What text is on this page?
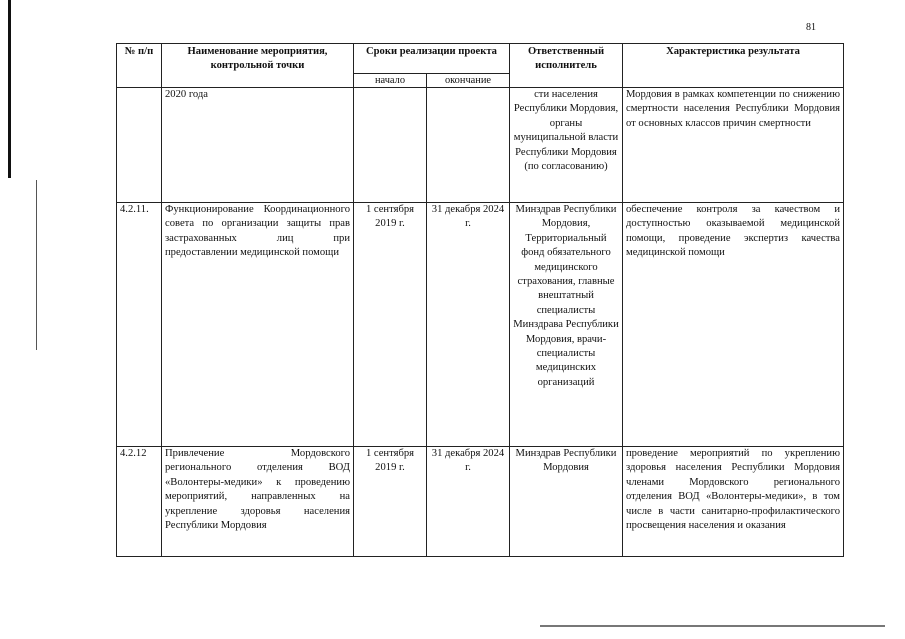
81
№ п/п	Наименование мероприятия, контрольной точки	Сроки реализации проекта		Ответственный исполнитель	Характеристика результата
		начало	окончание		
	2020 года			сти населения Республики Мордовия, органы муниципальной власти Республики Мордовия (по согласованию)	Мордовия в рамках компетенции по снижению смертности населения Республики Мордовия от основных классов причин смертности
4.2.11.	Функционирование Координационного совета по организации защиты прав застрахованных лиц при предоставлении медицинской помощи	1 сентября 2019 г.	31 декабря 2024 г.	Минздрав Республики Мордовия, Территориальный фонд обязательного медицинского страхования, главные внештатный специалисты Минздрава Республики Мордовия, врачи-специалисты медицинских организаций	обеспечение контроля за качеством и доступностью оказываемой медицинской помощи, проведение экспертиз качества медицинской помощи
4.2.12	Привлечение Мордовского регионального отделения ВОД «Волонтеры-медики» к проведению мероприятий, направленных на укрепление здоровья населения Республики Мордовия	1 сентября 2019 г.	31 декабря 2024 г.	Минздрав Республики Мордовия	проведение мероприятий по укреплению здоровья населения Республики Мордовия членами Мордовского регионального отделения ВОД «Волонтеры-медики», в том числе в части санитарно-профилактического просвещения населения и оказания
